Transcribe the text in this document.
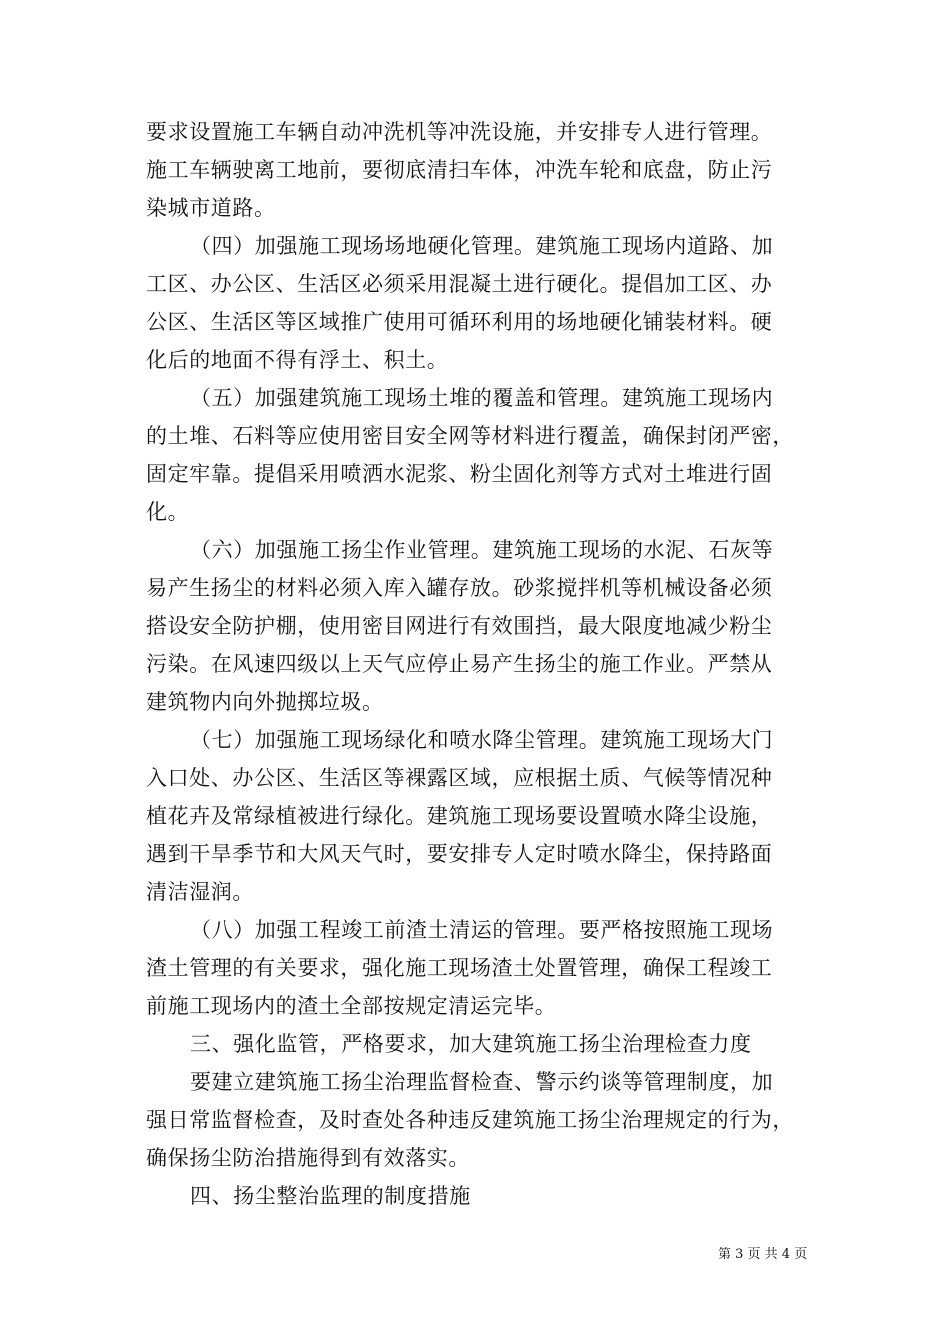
要求设置施工车辆自动冲洗机等冲洗设施，并安排专人进行管理。
施工车辆驶离工地前，要彻底清扫车体，冲洗车轮和底盘，防止污
染城市道路。
（四）加强施工现场场地硬化管理。建筑施工现场内道路、加
工区、办公区、生活区必须采用混凝土进行硬化。提倡加工区、办
公区、生活区等区域推广使用可循环利用的场地硬化铺装材料。硬
化后的地面不得有浮土、积土。
（五）加强建筑施工现场土堆的覆盖和管理。建筑施工现场内
的土堆、石料等应使用密目安全网等材料进行覆盖，确保封闭严密，
固定牢靠。提倡采用喷洒水泥浆、粉尘固化剂等方式对土堆进行固
化。
（六）加强施工扬尘作业管理。建筑施工现场的水泥、石灰等
易产生扬尘的材料必须入库入罐存放。砂浆搅拌机等机械设备必须
搭设安全防护棚，使用密目网进行有效围挡，最大限度地减少粉尘
污染。在风速四级以上天气应停止易产生扬尘的施工作业。严禁从
建筑物内向外抛掷垃圾。
（七）加强施工现场绿化和喷水降尘管理。建筑施工现场大门
入口处、办公区、生活区等裸露区域，应根据土质、气候等情况种
植花卉及常绿植被进行绿化。建筑施工现场要设置喷水降尘设施，
遇到干旱季节和大风天气时，要安排专人定时喷水降尘，保持路面
清洁湿润。
（八）加强工程竣工前渣土清运的管理。要严格按照施工现场
渣土管理的有关要求，强化施工现场渣土处置管理，确保工程竣工
前施工现场内的渣土全部按规定清运完毕。
三、强化监管，严格要求，加大建筑施工扬尘治理检查力度
要建立建筑施工扬尘治理监督检查、警示约谈等管理制度，加
强日常监督检查，及时查处各种违反建筑施工扬尘治理规定的行为，
确保扬尘防治措施得到有效落实。
四、扬尘整治监理的制度措施
第 3 页 共 4 页
